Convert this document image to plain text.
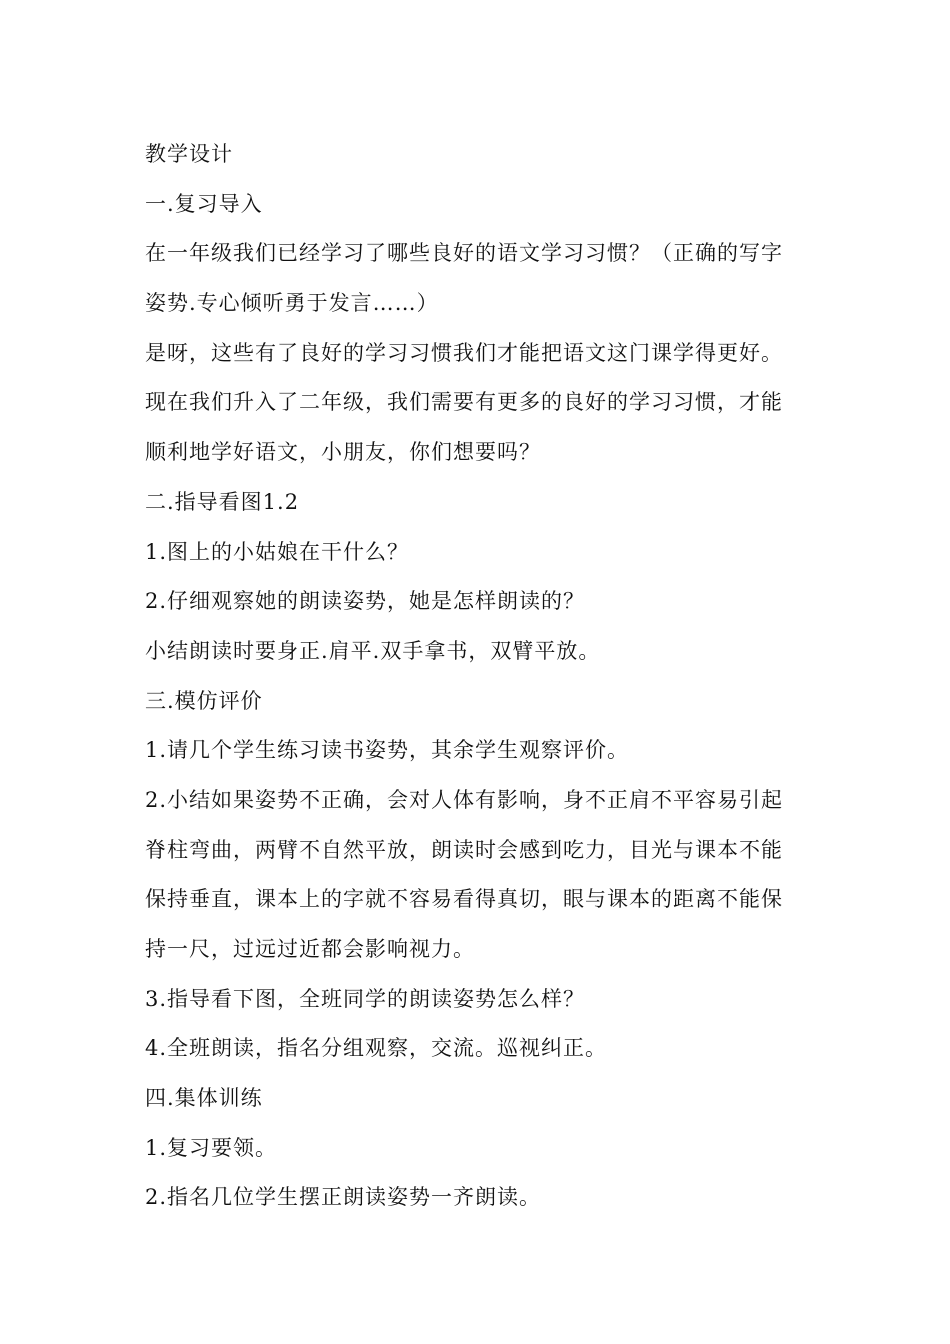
教学设计
一.复习导入
在一年级我们已经学习了哪些良好的语文学习习惯？（正确的写字
姿势.专心倾听勇于发言……）
是呀，这些有了良好的学习习惯我们才能把语文这门课学得更好。
现在我们升入了二年级，我们需要有更多的良好的学习习惯，才能
顺利地学好语文，小朋友，你们想要吗？
二.指导看图1.2
1.图上的小姑娘在干什么？
2.仔细观察她的朗读姿势，她是怎样朗读的？
小结朗读时要身正.肩平.双手拿书，双臂平放。
三.模仿评价
1.请几个学生练习读书姿势，其余学生观察评价。
2.小结如果姿势不正确，会对人体有影响，身不正肩不平容易引起
脊柱弯曲，两臂不自然平放，朗读时会感到吃力，目光与课本不能
保持垂直，课本上的字就不容易看得真切，眼与课本的距离不能保
持一尺，过远过近都会影响视力。
3.指导看下图，全班同学的朗读姿势怎么样？
4.全班朗读，指名分组观察，交流。巡视纠正。
四.集体训练
1.复习要领。
2.指名几位学生摆正朗读姿势一齐朗读。
